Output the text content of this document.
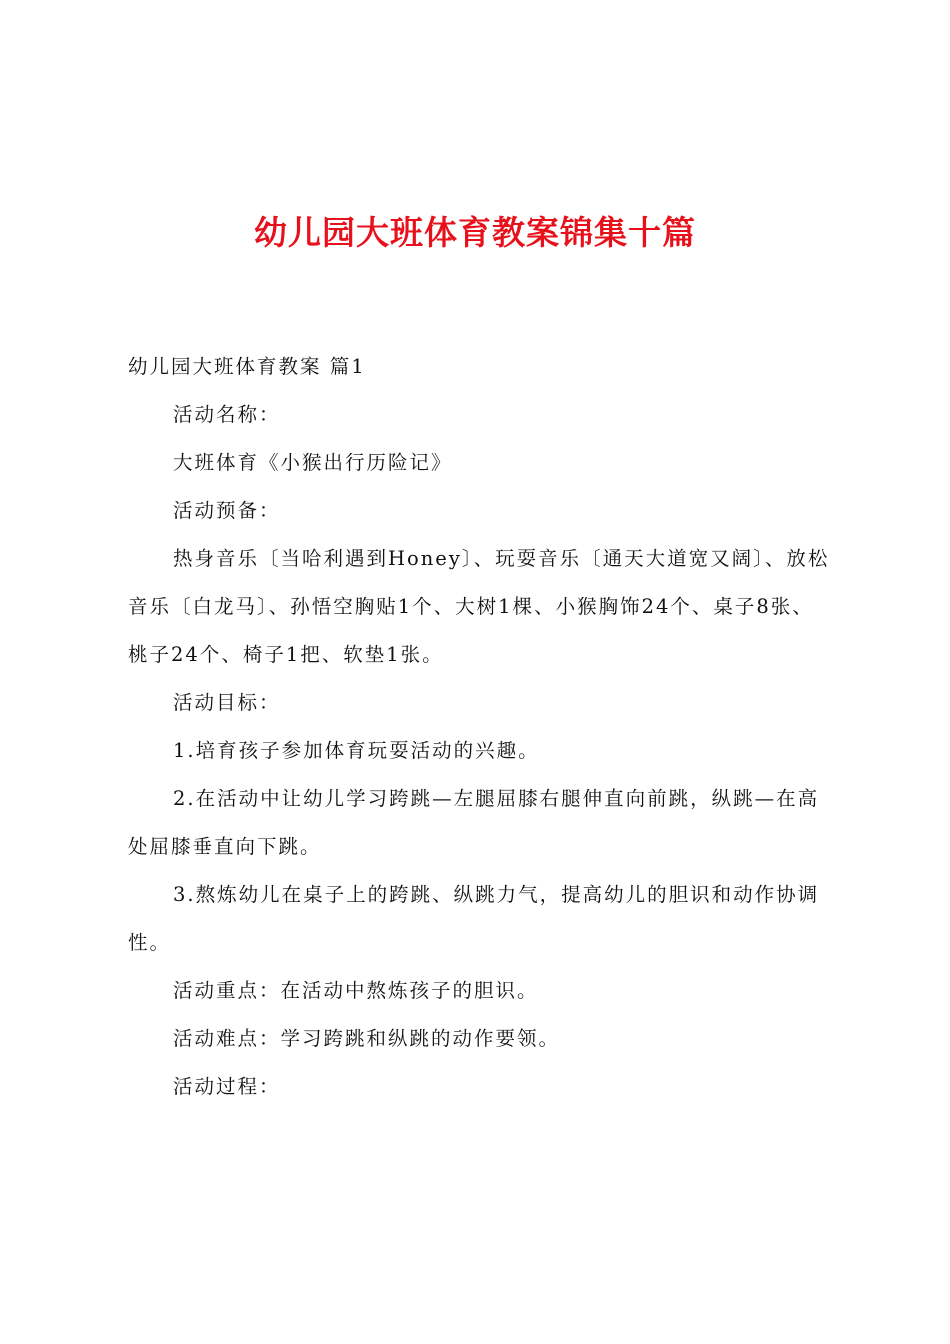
幼儿园大班体育教案锦集十篇

幼儿园大班体育教案 篇1

活动名称：

大班体育《小猴出行历险记》

活动预备：

热身音乐〔当哈利遇到Honey〕、玩耍音乐〔通天大道宽又阔〕、放松音乐〔白龙马〕、孙悟空胸贴1个、大树1棵、小猴胸饰24个、桌子8张、桃子24个、椅子1把、软垫1张。

活动目标：

1.培育孩子参加体育玩耍活动的兴趣。

2.在活动中让幼儿学习跨跳—左腿屈膝右腿伸直向前跳，纵跳—在高处屈膝垂直向下跳。

3.熬炼幼儿在桌子上的跨跳、纵跳力气，提高幼儿的胆识和动作协调性。

活动重点：在活动中熬炼孩子的胆识。

活动难点：学习跨跳和纵跳的动作要领。

活动过程：
